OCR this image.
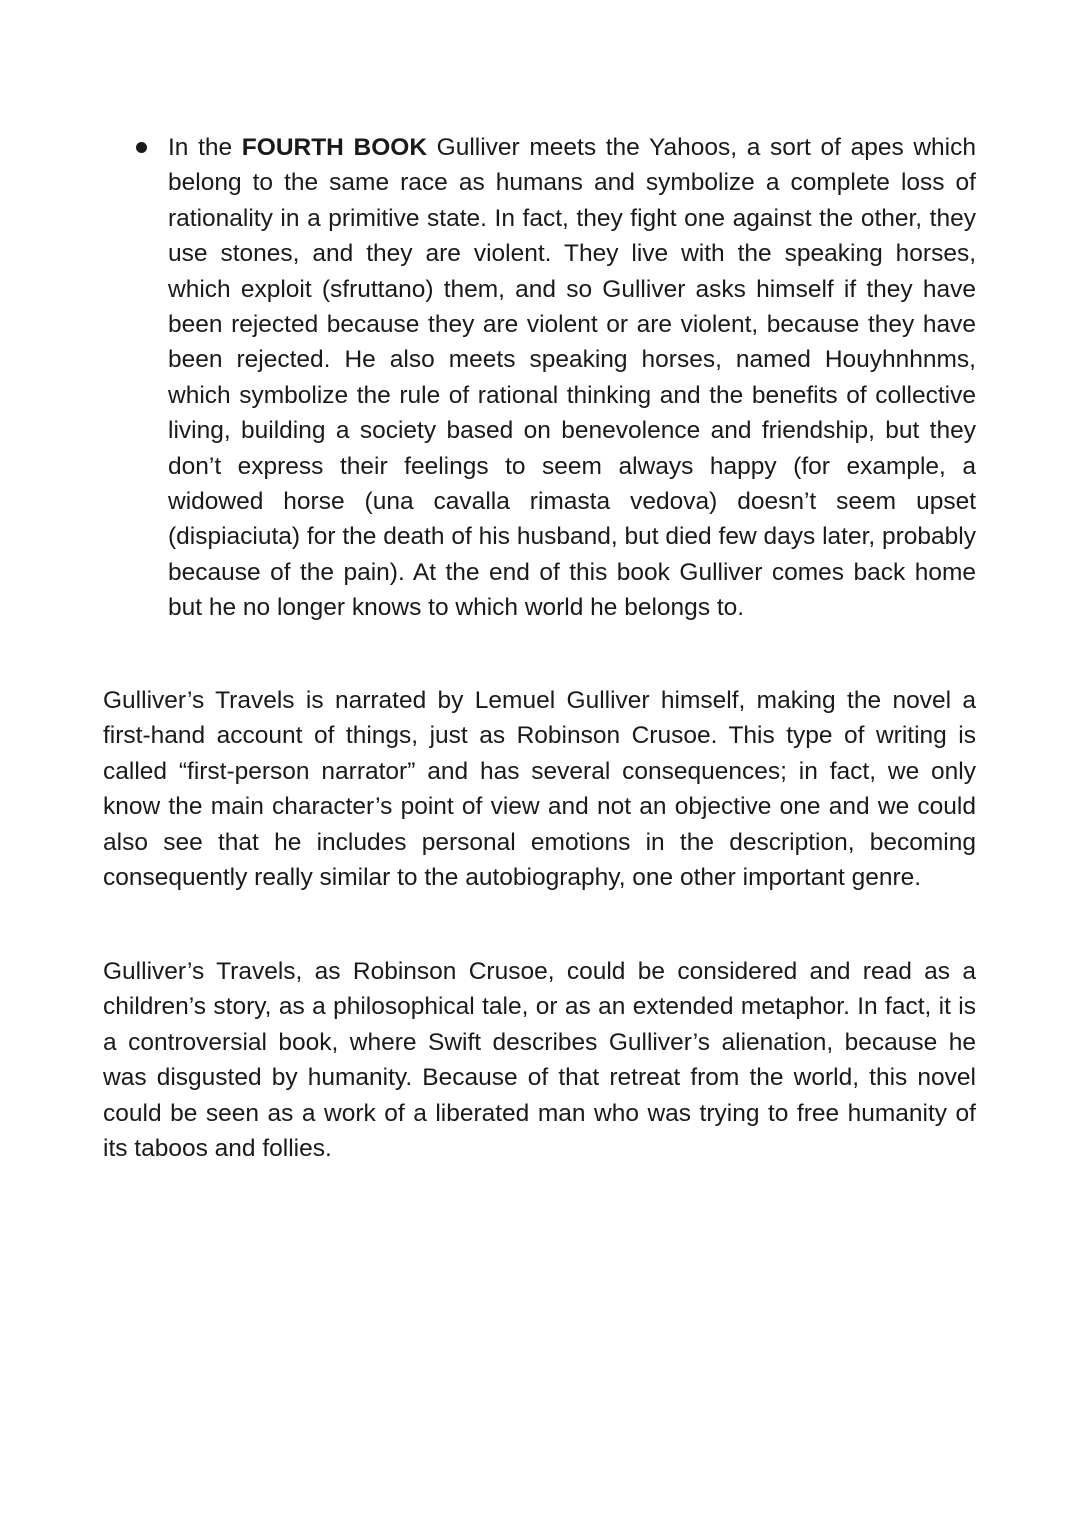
In the FOURTH BOOK Gulliver meets the Yahoos, a sort of apes which belong to the same race as humans and symbolize a complete loss of rationality in a primitive state. In fact, they fight one against the other, they use stones, and they are violent. They live with the speaking horses, which exploit (sfruttano) them, and so Gulliver asks himself if they have been rejected because they are violent or are violent, because they have been rejected. He also meets speaking horses, named Houyhnhnms, which symbolize the rule of rational thinking and the benefits of collective living, building a society based on benevolence and friendship, but they don’t express their feelings to seem always happy (for example, a widowed horse (una cavalla rimasta vedova) doesn’t seem upset (dispiaciuta) for the death of his husband, but died few days later, probably because of the pain). At the end of this book Gulliver comes back home but he no longer knows to which world he belongs to.

Gulliver’s Travels is narrated by Lemuel Gulliver himself, making the novel a first-hand account of things, just as Robinson Crusoe. This type of writing is called “first-person narrator” and has several consequences; in fact, we only know the main character’s point of view and not an objective one and we could also see that he includes personal emotions in the description, becoming consequently really similar to the autobiography, one other important genre.

Gulliver’s Travels, as Robinson Crusoe, could be considered and read as a children’s story, as a philosophical tale, or as an extended metaphor. In fact, it is a controversial book, where Swift describes Gulliver’s alienation, because he was disgusted by humanity. Because of that retreat from the world, this novel could be seen as a work of a liberated man who was trying to free humanity of its taboos and follies.
